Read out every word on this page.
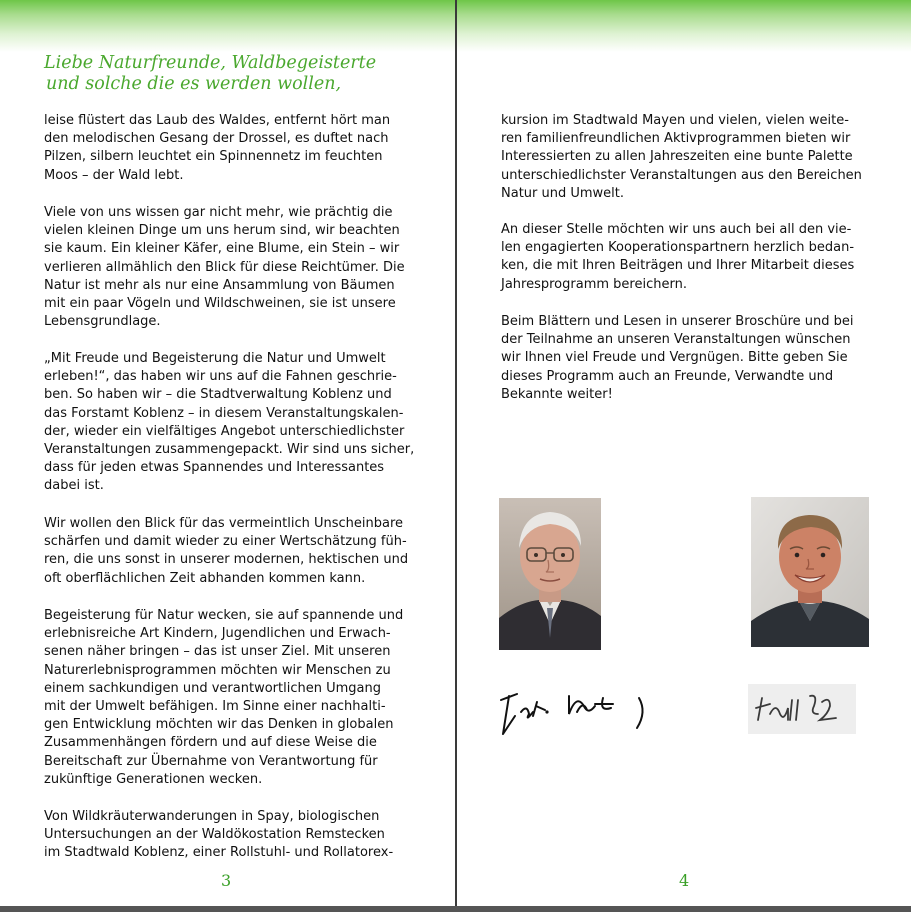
Liebe Naturfreunde, Waldbegeisterte
und solche die es werden wollen,

leise flüstert das Laub des Waldes, entfernt hört man
den melodischen Gesang der Drossel, es duftet nach
Pilzen, silbern leuchtet ein Spinnennetz im feuchten
Moos – der Wald lebt.

Viele von uns wissen gar nicht mehr, wie prächtig die
vielen kleinen Dinge um uns herum sind, wir beachten
sie kaum. Ein kleiner Käfer, eine Blume, ein Stein – wir
verlieren allmählich den Blick für diese Reichtümer. Die
Natur ist mehr als nur eine Ansammlung von Bäumen
mit ein paar Vögeln und Wildschweinen, sie ist unsere
Lebensgrundlage.

„Mit Freude und Begeisterung die Natur und Umwelt
erleben!“, das haben wir uns auf die Fahnen geschrie-
ben. So haben wir – die Stadtverwaltung Koblenz und
das Forstamt Koblenz – in diesem Veranstaltungskalen-
der, wieder ein vielfältiges Angebot unterschiedlichster
Veranstaltungen zusammengepackt. Wir sind uns sicher,
dass für jeden etwas Spannendes und Interessantes
dabei ist.

Wir wollen den Blick für das vermeintlich Unscheinbare
schärfen und damit wieder zu einer Wertschätzung füh-
ren, die uns sonst in unserer modernen, hektischen und
oft oberflächlichen Zeit abhanden kommen kann.

Begeisterung für Natur wecken, sie auf spannende und
erlebnisreiche Art Kindern, Jugendlichen und Erwach-
senen näher bringen – das ist unser Ziel. Mit unseren
Naturerlebnisprogrammen möchten wir Menschen zu
einem sachkundigen und verantwortlichen Umgang
mit der Umwelt befähigen. Im Sinne einer nachhalti-
gen Entwicklung möchten wir das Denken in globalen
Zusammenhängen fördern und auf diese Weise die
Bereitschaft zur Übernahme von Verantwortung für
zukünftige Generationen wecken.

Von Wildkräuterwanderungen in Spay, biologischen
Untersuchungen an der Waldökostation Remstecken
im Stadtwald Koblenz, einer Rollstuhl- und Rollatorex-

3

kursion im Stadtwald Mayen und vielen, vielen weite-
ren familienfreundlichen Aktivprogrammen bieten wir
Interessierten zu allen Jahreszeiten eine bunte Palette
unterschiedlichster Veranstaltungen aus den Bereichen
Natur und Umwelt.

An dieser Stelle möchten wir uns auch bei all den vie-
len engagierten Kooperationspartnern herzlich bedan-
ken, die mit Ihren Beiträgen und Ihrer Mitarbeit dieses
Jahresprogramm bereichern.

Beim Blättern und Lesen in unserer Broschüre und bei
der Teilnahme an unseren Veranstaltungen wünschen
wir Ihnen viel Freude und Vergnügen. Bitte geben Sie
dieses Programm auch an Freunde, Verwandte und
Bekannte weiter!

4
